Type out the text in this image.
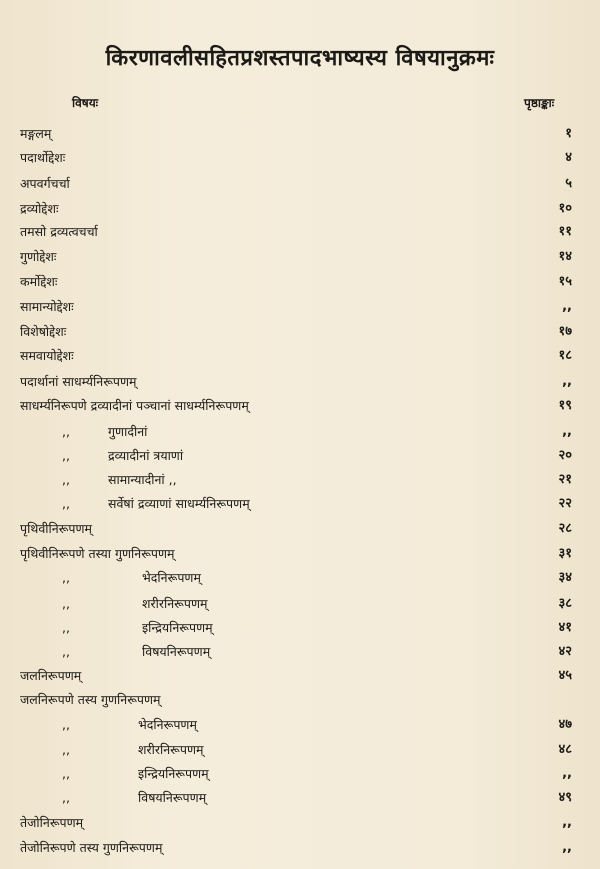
किरणावलीसहितप्रशस्तपादभाष्यस्य विषयानुक्रमः
विषयः	पृष्ठाङ्काः
मङ्गलम्	१
पदार्थोद्देशः	४
अपवर्गचर्चा	५
द्रव्योद्देशः	१०
तमसो द्रव्यत्वचर्चा	११
गुणोद्देशः	१४
कर्मोद्देशः	१५
सामान्योद्देशः	,,
विशेषोद्देशः	१७
समवायोद्देशः	१८
पदार्थानां साधर्म्यनिरूपणम्	,,
साधर्म्यनिरूपणे द्रव्यादीनां पञ्चानां साधर्म्यनिरूपणम्	१९
,,	गुणादीनां	,,
,,	द्रव्यादीनां त्रयाणां	२०
,,	सामान्यादीनां ,,	२१
,,	सर्वेषां द्रव्याणां साधर्म्यनिरूपणम्	२२
पृथिवीनिरूपणम्	२८
पृथिवीनिरूपणे तस्या गुणनिरूपणम्	३१
,,	भेदनिरूपणम्	३४
,,	शरीरनिरूपणम्	३८
,,	इन्द्रियनिरूपणम्	४१
,,	विषयनिरूपणम्	४२
जलनिरूपणम्	४५
जलनिरूपणे तस्य गुणनिरूपणम्
,,	भेदनिरूपणम्	४७
,,	शरीरनिरूपणम्	४८
,,	इन्द्रियनिरूपणम्	,,
,,	विषयनिरूपणम्	४९
तेजोनिरूपणम्	,,
तेजोनिरूपणे तस्य गुणनिरूपणम्	,,
